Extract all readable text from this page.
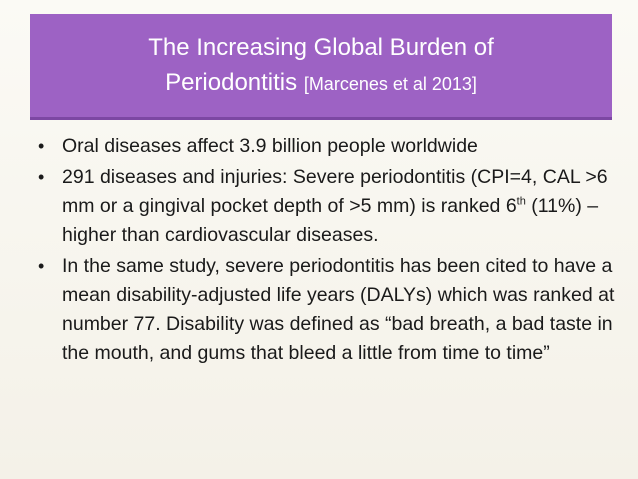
The Increasing Global Burden of
Periodontitis [Marcenes et al 2013]
• Oral diseases affect 3.9 billion people worldwide
• 291 diseases and injuries: Severe periodontitis (CPI=4, CAL >6 mm or a gingival pocket depth of >5 mm) is ranked 6th (11%) – higher than cardiovascular diseases.
• In the same study, severe periodontitis has been cited to have a mean disability-adjusted life years (DALYs) which was ranked at number 77. Disability was defined as “bad breath, a bad taste in the mouth, and gums that bleed a little from time to time”
